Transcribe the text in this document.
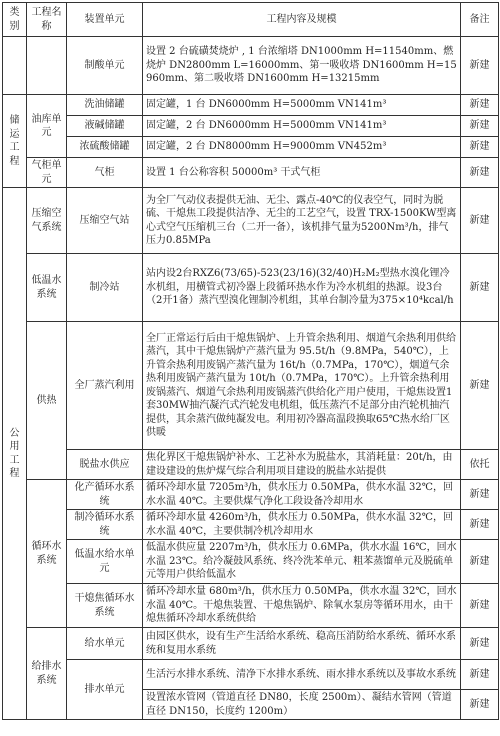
类别	工程名称	装置单元	工程内容及规模	备注
		制酸单元	设置 2 台硫磺焚烧炉 , 1 台浓缩塔 DN1000mm H=11540mm、燃烧炉 DN2800mm L=16000mm、第一吸收塔 DN1600mm H=15960mm、第二吸收塔 DN1600mm H=13215mm	新建
储运工程	油库单元	洗油储罐	固定罐，1 台 DN6000mm H=5000mm VN141m³	新建
		液碱储罐	固定罐，2 台 DN6000mm H=5000mm VN141m³	新建
		浓硫酸储罐	固定罐，2 台 DN8000mm H=9000mm VN452m³	新建
	气柜单元	气柜	设置 1 台公称容积 50000m³ 干式气柜	新建
公用工程	压缩空气系统	压缩空气站	为全厂气动仪表提供无油、无尘、露点-40℃的仪表空气，同时为脱硫、干熄焦工段提供洁净、无尘的工艺空气，设置 TRX-1500KW型离心式空气压缩机三台（二开一备），该机排气量为5200Nm³/h，排气压力0.85MPa	新建
	低温水系统	制冷站	站内设2台RXZ6(73/65)-523(23/16)(32/40)H₂M₂型热水溴化锂冷水机组，用横管式初冷器上段循环热水作为冷水机组的热源。设3台（2开1备）蒸汽型溴化锂制冷机组，其单台制冷量为375×10⁴kcal/h	新建
	供热	全厂蒸汽利用	全厂正常运行后由干熄焦锅炉、上升管余热利用、烟道气余热利用供给蒸汽，其中干熄焦锅炉产蒸汽量为 95.5t/h（9.8MPa，540℃），上升管余热利用废锅产蒸汽量为 16t/h（0.7MPa，170℃），烟道气余热利用废锅产蒸汽量为 10t/h（0.7MPa，170℃）。上升管余热利用废锅蒸汽、烟道气余热利用废锅蒸汽供给化产用户使用，干熄焦设置1套30MW抽汽凝汽式汽轮发电机组，低压蒸汽不足部分由汽轮机抽汽提供，其余蒸汽做纯凝发电。利用初冷器高温段换取65℃热水给厂区供暖	新建
		脱盐水供应	焦化界区干熄焦锅炉补水、工艺补水为脱盐水，其消耗量：20t/h，由建设建设的焦炉煤气综合利用项目建设的脱盐水站提供	依托
	循环水系统	化产循环水系统	循环冷却水量 7205m³/h，供水压力 0.50MPa，供水水温 32℃，回水水温 40℃。主要供煤气净化工段设备冷却用水	新建
		制冷循环水系统	循环冷却水量 4260m³/h，供水压力 0.50MPa，供水水温 32℃，回水水温 40℃，主要供制冷机冷却用水	新建
		低温水给水单元	低温水供应量 2207m³/h，供水压力 0.6MPa，供水水温 16℃，回水水温 23℃。给冷凝鼓风系统、终冷洗苯单元、粗苯蒸馏单元及脱硫单元等用户供给低温水	新建
		干熄焦循环水系统	循环冷却水量 680m³/h，供水压力 0.50MPa，供水水温 32℃，回水水温 40℃。干熄焦装置、干熄焦锅炉、除氧水泵房等循环用水，由干熄焦循环冷却水系统供给	新建
	给排水系统	给水单元	由园区供水，设有生产生活给水系统、稳高压消防给水系统、循环水系统和复用水系统	新建
		排水单元	生活污水排水系统、清净下水排水系统、雨水排水系统以及事故水系统	新建
			设置浓水管网（管道直径 DN80，长度 2500m）、凝结水管网（管道直径 DN150，长度约 1200m）	新建
